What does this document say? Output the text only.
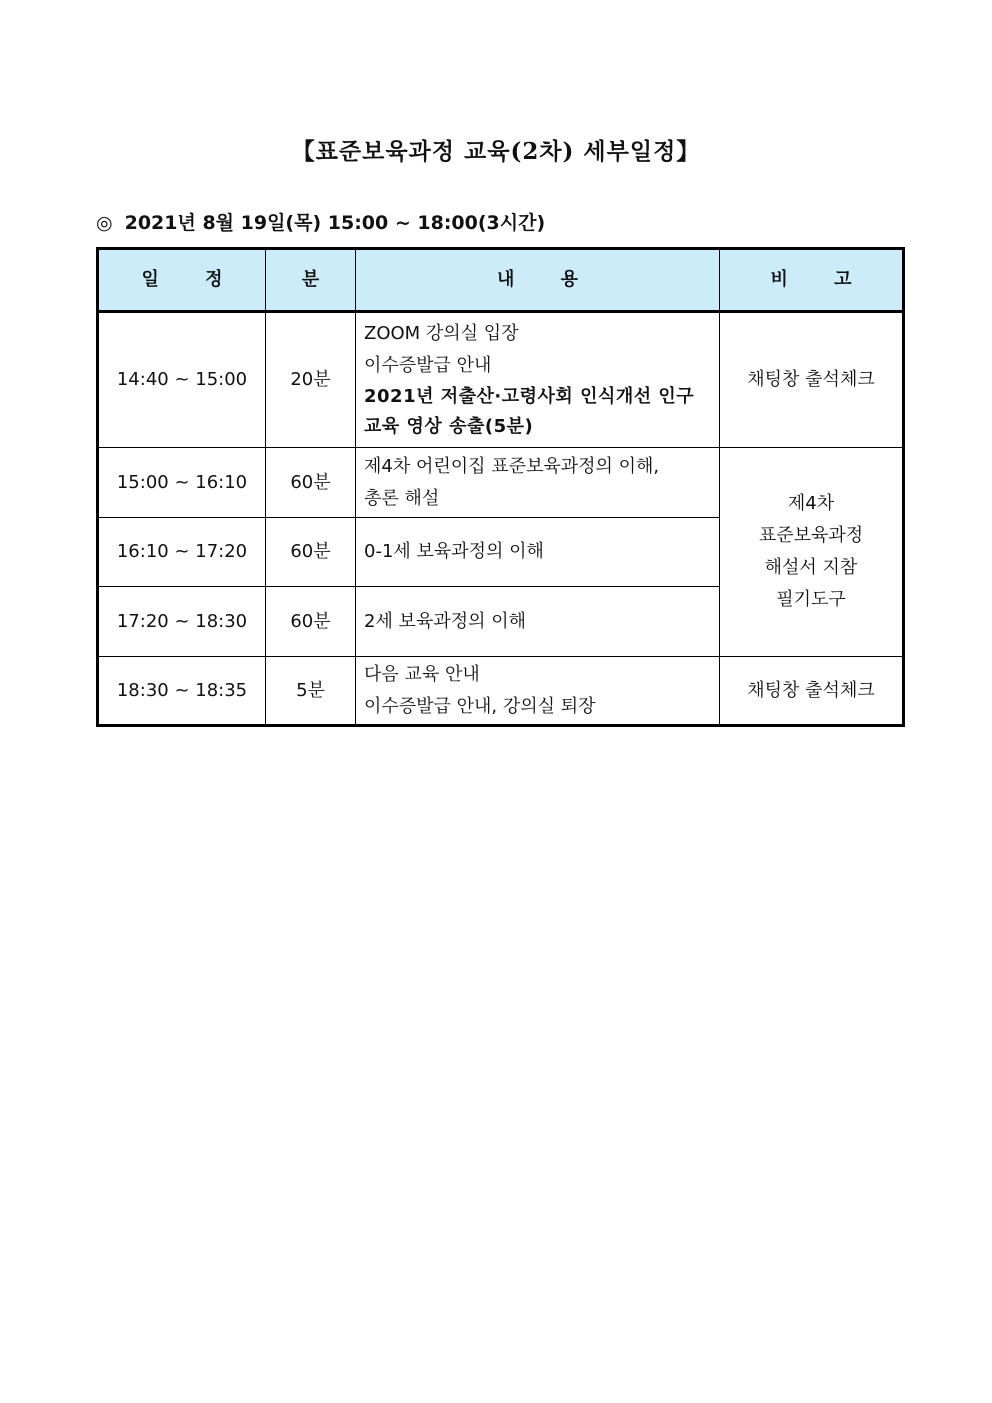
【표준보육과정 교육(2차) 세부일정】
◎ 2021년 8월 19일(목) 15:00 ~ 18:00(3시간)
일 정	분	내 용	비 고
14:40 ~ 15:00	20분	ZOOM 강의실 입장
이수증발급 안내
2021년 저출산·고령사회 인식개선 인구
교육 영상 송출(5분)	채팅창 출석체크
15:00 ~ 16:10	60분	제4차 어린이집 표준보육과정의 이해,
총론 해설	제4차
표준보육과정
해설서 지참
필기도구

16:10 ~ 17:20	60분	0-1세 보육과정의 이해	
17:20 ~ 18:30	60분	2세 보육과정의 이해	
18:30 ~ 18:35	5분	다음 교육 안내
이수증발급 안내, 강의실 퇴장	채팅창 출석체크
